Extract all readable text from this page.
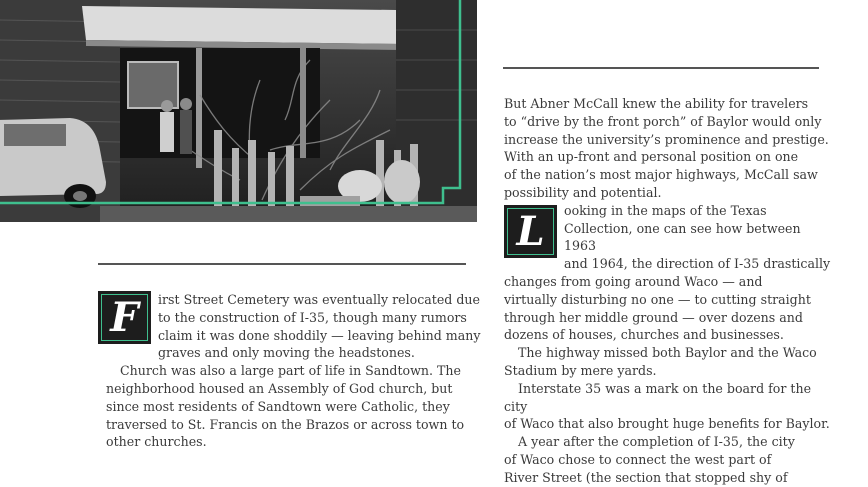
F	irst Street Cemetery was eventually relocated due
to the construction of I-35, though many rumors
claim it was done shoddily — leaving behind many
graves and only moving the headstones.

Church was also a large part of life in Sandtown. The
neighborhood housed an Assembly of God church, but
since most residents of Sandtown were Catholic, they
traversed to St. Francis on the Brazos or across town to
other churches.

But Abner McCall knew the ability for travelers
to “drive by the front porch” of Baylor would only
increase the university’s prominence and prestige.
With an up-front and personal position on one
of the nation’s most major highways, McCall saw
possibility and potential.

L	ooking in the maps of the Texas
Collection, one can see how between 1963
and 1964, the direction of I-35 drastically
changes from going around Waco — and
virtually disturbing no one — to cutting straight
through her middle ground — over dozens and
dozens of houses, churches and businesses.

The highway missed both Baylor and the Waco
Stadium by mere yards.

Interstate 35 was a mark on the board for the city
of Waco that also brought huge benefits for Baylor.

A year after the completion of I-35, the city
of Waco chose to connect the west part of
River Street (the section that stopped shy of
